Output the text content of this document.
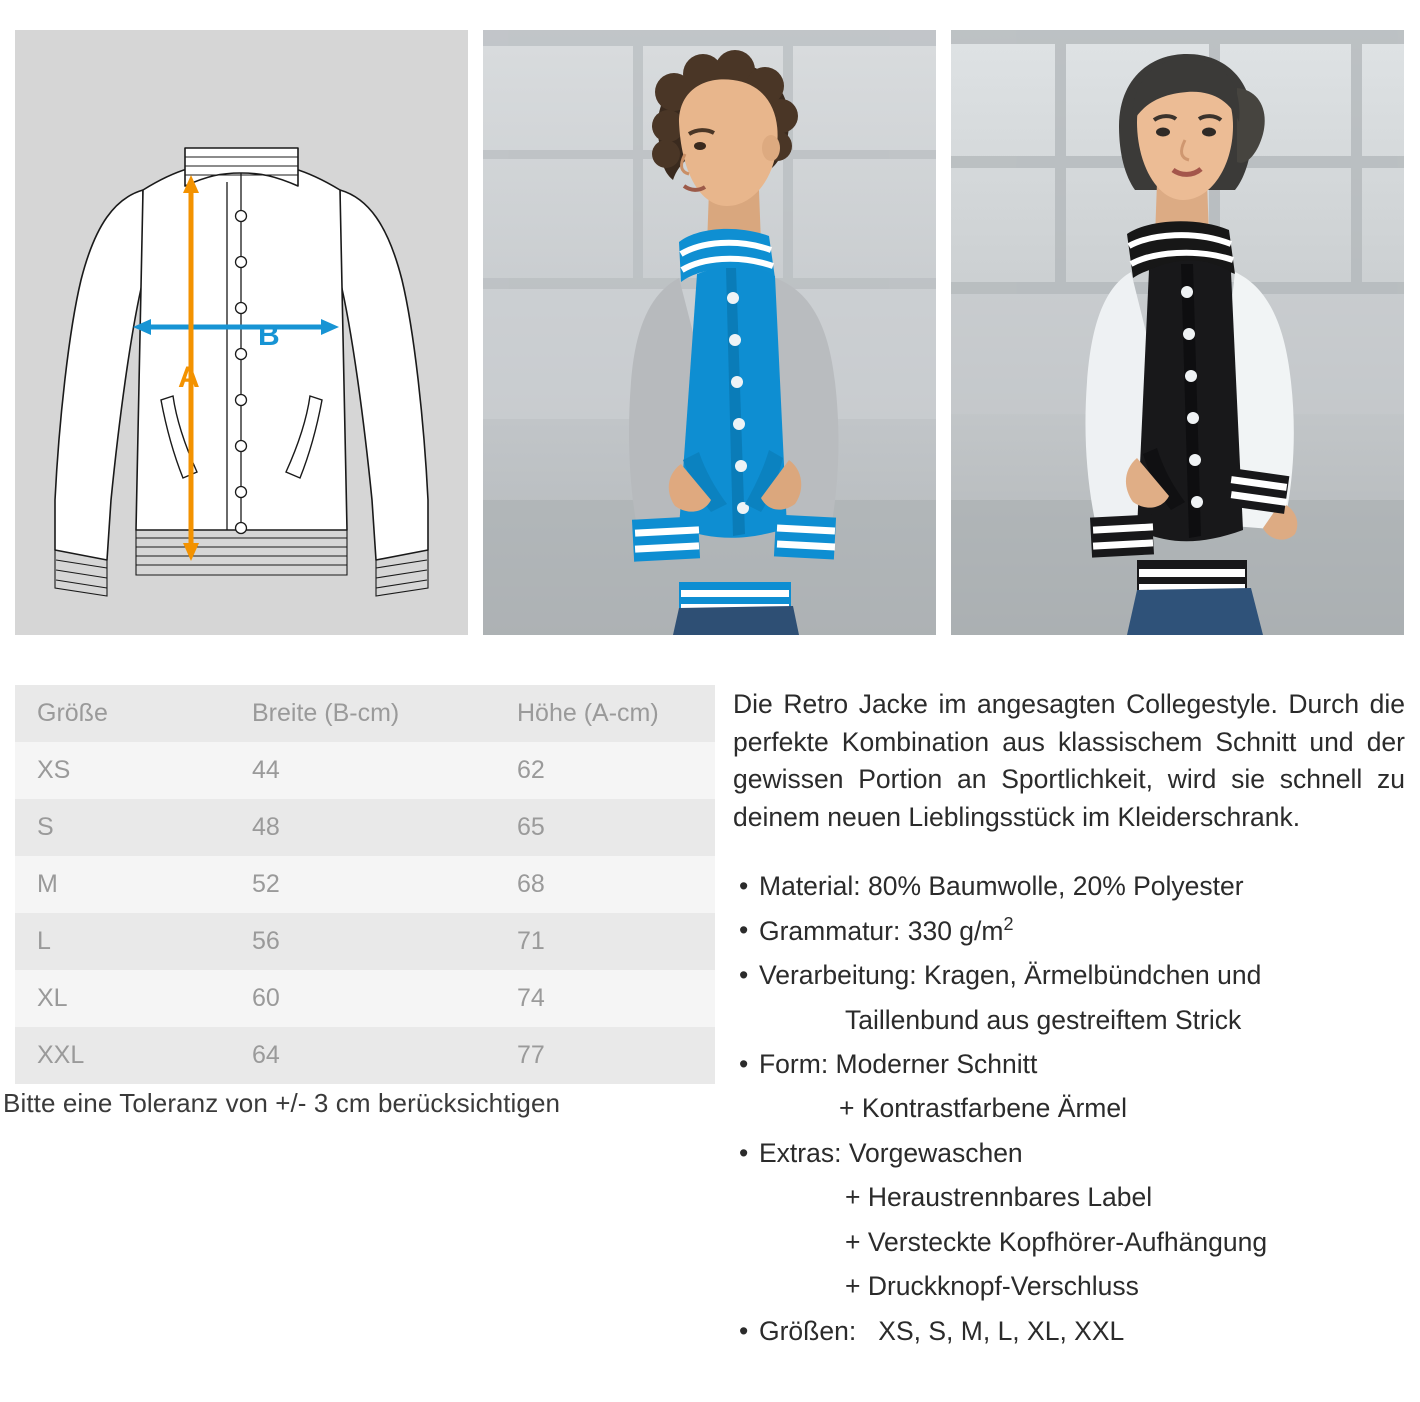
B
A
Größe	Breite (B-cm)	Höhe (A-cm)
XS	44	62
S	48	65
M	52	68
L	56	71
XL	60	74
XXL	64	77
Bitte eine Toleranz von +/- 3 cm berücksichtigen

Die Retro Jacke im angesagten Collegestyle. Durch die perfekte Kombination aus klassischem Schnitt und der gewissen Portion an Sportlichkeit, wird sie schnell zu deinem neuen Lieblingsstück im Kleiderschrank.

• Material: 80% Baumwolle, 20% Polyester
• Grammatur: 330 $g/m^2$
• Verarbeitung: Kragen, Ärmelbündchen und
Taillenbund aus gestreiftem Strick
• Form: Moderner Schnitt
+ Kontrastfarbene Ärmel
• Extras: Vorgewaschen
+ Heraustrennbares Label
+ Versteckte Kopfhörer-Aufhängung
+ Druckknopf-Verschluss
• Größen:   XS, S, M, L, XL, XXL
